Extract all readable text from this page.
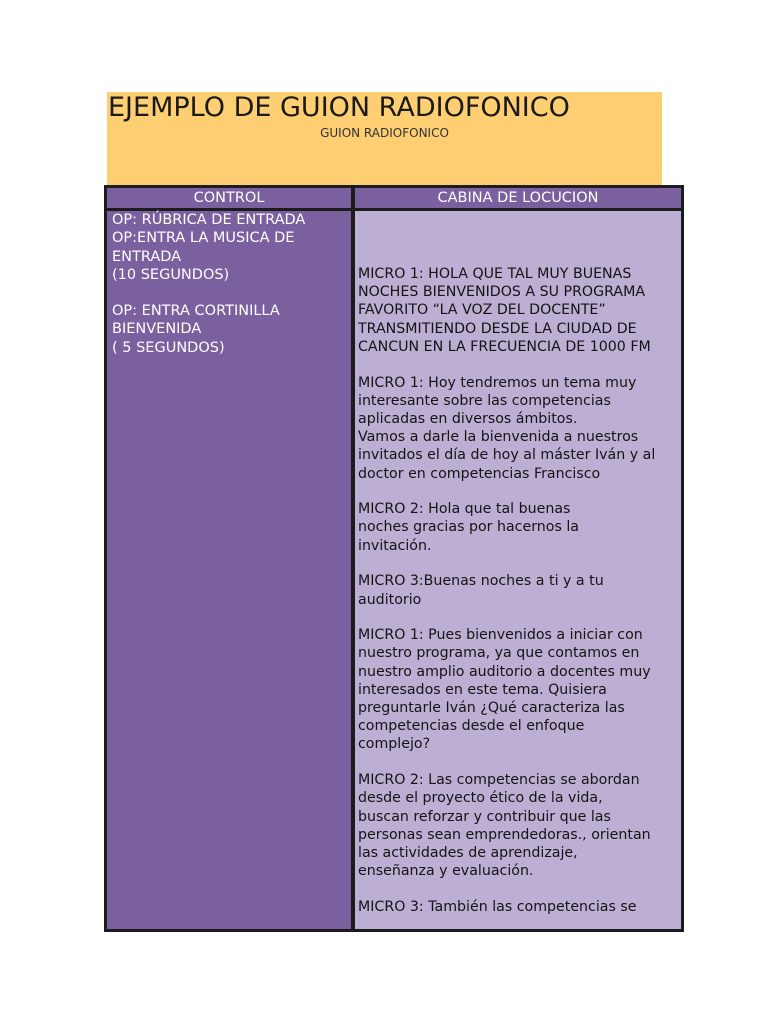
EJEMPLO DE GUION RADIOFONICO
GUION RADIOFONICO
CONTROL	CABINA DE LOCUCION

OP: RÚBRICA DE ENTRADA
OP:ENTRA LA MUSICA DE
ENTRADA
(10 SEGUNDOS)

OP: ENTRA CORTINILLA
BIENVENIDA
( 5 SEGUNDOS)

MICRO 1: HOLA QUE TAL MUY BUENAS
NOCHES BIENVENIDOS A SU PROGRAMA
FAVORITO “LA VOZ DEL DOCENTE”
TRANSMITIENDO DESDE LA CIUDAD DE
CANCUN EN LA FRECUENCIA DE 1000 FM

MICRO 1: Hoy tendremos un tema muy
interesante sobre las competencias
aplicadas en diversos ámbitos.
Vamos a darle la bienvenida a nuestros
invitados el día de hoy al máster Iván y al
doctor en competencias Francisco

MICRO 2: Hola que tal buenas
noches gracias por hacernos la
invitación.

MICRO 3:Buenas noches a ti y a tu
auditorio

MICRO 1: Pues bienvenidos a iniciar con
nuestro programa, ya que contamos en
nuestro amplio auditorio a docentes muy
interesados en este tema. Quisiera
preguntarle Iván ¿Qué caracteriza las
competencias desde el enfoque
complejo?

MICRO 2: Las competencias se abordan
desde el proyecto ético de la vida,
buscan reforzar y contribuir que las
personas sean emprendedoras., orientan
las actividades de aprendizaje,
enseñanza y evaluación.

MICRO 3: También las competencias se
